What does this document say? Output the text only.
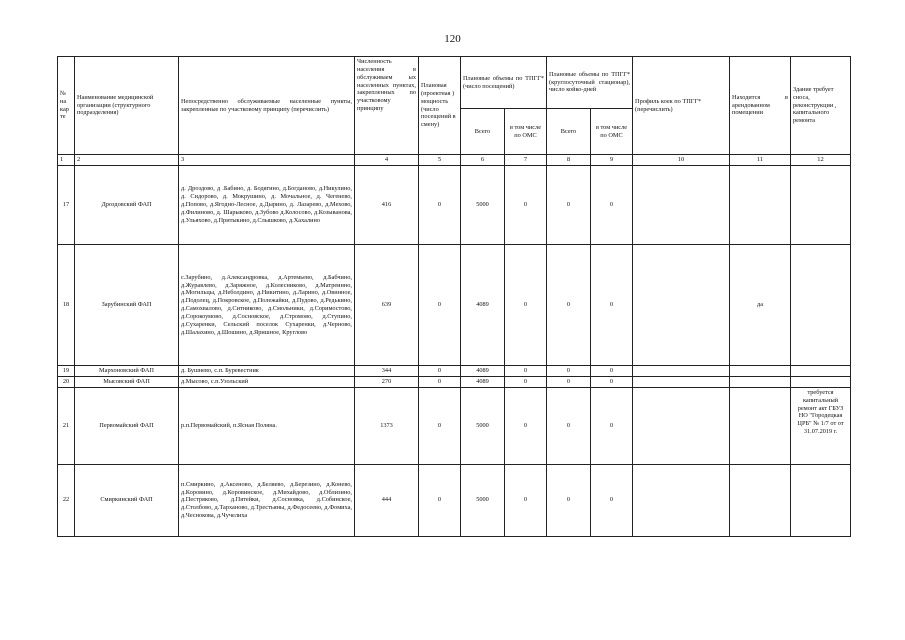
120
№ на кар те	Наименование медицинской организации (структурного подразделения)	Непосредственно обслуживаемые населенные пункты, закрепленные по участковому принципу (перечислить)	Численность населения в обслуживаем ых населенных пунктах, закрепленных по участковому принципу	Плановая (проектная ) мощность (число посещений в смену)	Плановые объемы по ТПГГ* (число посещений)		Плановые объемы по ТПГГ* (круглосуточный стационар), число койко-дней		Профиль коек по ТПГГ* (перечислить)	Находится в арендованном помещении	Здание требует сноса, реконструкции , капитального ремонта
					Всего	в том числе по ОМС	Всего	в том числе по ОМС			
1	2	3	4	5	6	7	8	9	10	11	12
17	Дроздовский ФАП	д. Дроздово, д .Бабино, д. Бодягино, д.Богданово, д.Никулино, д. Сидорово, д. Мокрушино, д. Мочальное, д. Чегенево, д.Попово, д.Ягодно-Лесное, д.Дырино, д. Лазарево, д.Мехово, д.Филиново, д. Шарыково, д.Зубово д.Колосово, д.Козыванова, д.Ульяхово, д.Притыкино, д.Слышково, д.Хахалино	416	0	5000	0	0	0			
18	Зарубинский ФАП	с.Зарубино, д.Александровка, д.Артемьево, д.Бабчино, д.Журавлево, д.Заряжное, д.Колесниково, д.Матреинно, д.Могильцы, д.Неболдино, д.Никитино, д.Ларино, д.Овинное, д.Подолец, д.Покровское, д.Полежайки, д.Пудово, д.Редькино, д.Самохвалово, д.Ситниково, д.Смольники, д.Соримостово, д.Сорокоумово, д.Сосновское, д.Стромово, д.Ступино, д.Сухаренки, Сельский поселок Сухаренки, д.Черново, д.Шалахино, д.Шошино, д.Яришное, Круглово	639	0	4089	0	0	0		да	
19	Мархоновский ФАП	д. Бушнево, с.п. Буревестник	344	0	4089	0	0	0			
20	Мысовский ФАП	д.Мысово, с.п.Узольский	270	0	4089	0	0	0			
21	Первомайский ФАП	р.п.Первомайский, п.Ясная Поляна.	1373	0	5000	0	0	0			требуется капитальный ремонт акт ГБУЗ НО "Городецкая ЦРБ" № 1/7 от от 31.07.2019 г.
22	Смиркинский ФАП	п.Смиркино, д.Аксеново, д.Беляево, д.Березино, д.Конево, д.Коровино, д.Коровинское, д.Михайдово, д.Облизино, д.Пестряково, д.Пятейки, д.Сосновка, д.Собинское, д.Столбово, д.Тарханово, д.Трестьяны, д.Федосеево, д.Фомиха, д.Чеснокова, д.Чучелиха	444	0	5000	0	0	0			
